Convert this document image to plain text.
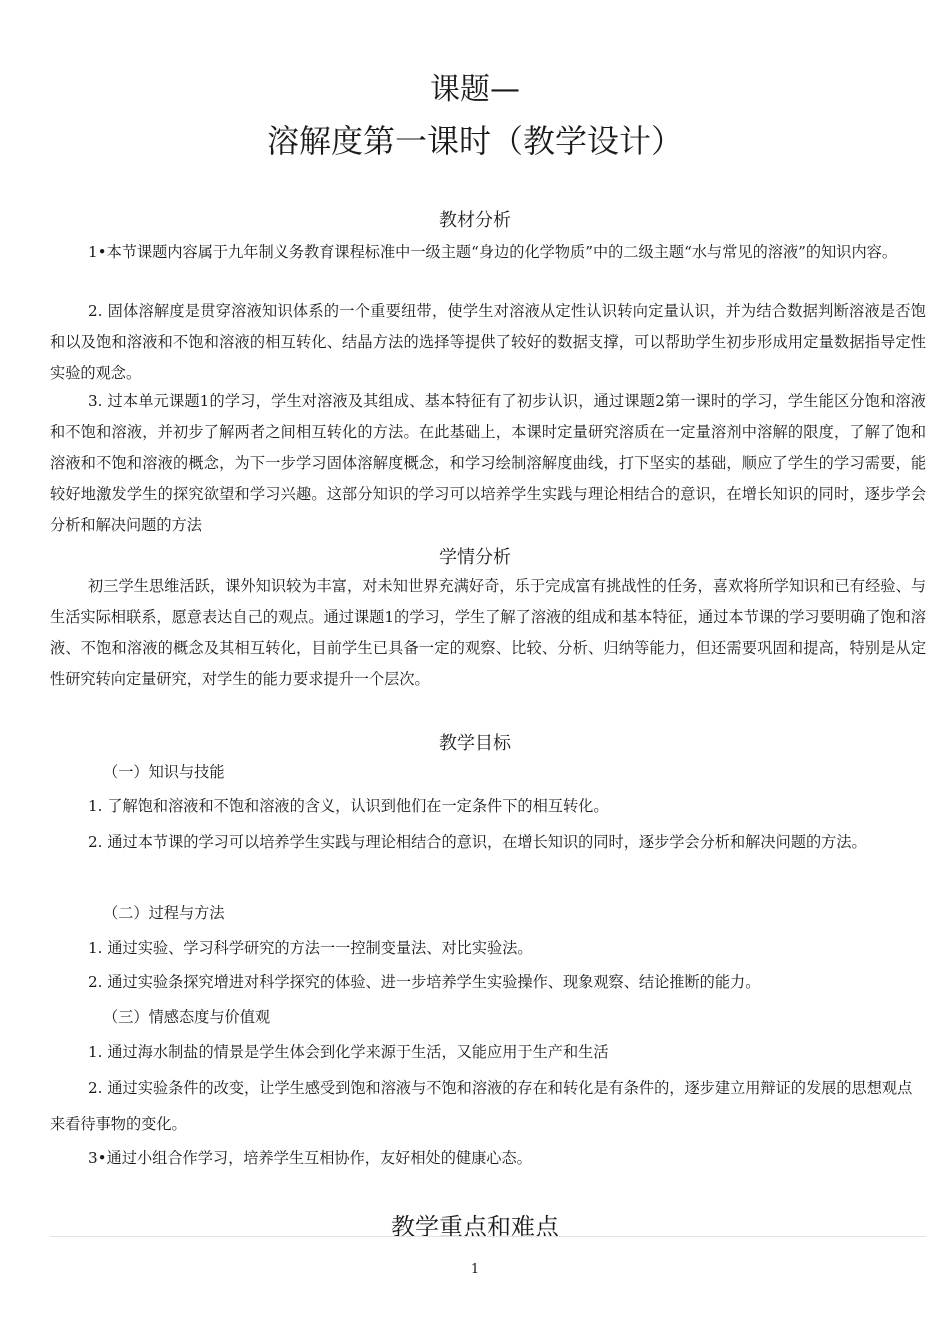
课题—
溶解度第一课时（教学设计）
教材分析
1•本节课题内容属于九年制义务教育课程标准中一级主题“身边的化学物质”中的二级主题“水与常见的溶液”的知识内容。
2. 固体溶解度是贯穿溶液知识体系的一个重要纽带，使学生对溶液从定性认识转向定量认识，并为结合数据判断溶液是否饱和以及饱和溶液和不饱和溶液的相互转化、结晶方法的选择等提供了较好的数据支撑，可以帮助学生初步形成用定量数据指导定性实验的观念。
3. 过本单元课题1的学习，学生对溶液及其组成、基本特征有了初步认识，通过课题2第一课时的学习，学生能区分饱和溶液和不饱和溶液，并初步了解两者之间相互转化的方法。在此基础上，本课时定量研究溶质在一定量溶剂中溶解的限度，了解了饱和溶液和不饱和溶液的概念，为下一步学习固体溶解度概念，和学习绘制溶解度曲线，打下坚实的基础，顺应了学生的学习需要，能较好地激发学生的探究欲望和学习兴趣。这部分知识的学习可以培养学生实践与理论相结合的意识，在增长知识的同时，逐步学会分析和解决问题的方法
学情分析
初三学生思维活跃，课外知识较为丰富，对未知世界充满好奇，乐于完成富有挑战性的任务，喜欢将所学知识和已有经验、与生活实际相联系，愿意表达自己的观点。通过课题1的学习，学生了解了溶液的组成和基本特征，通过本节课的学习要明确了饱和溶液、不饱和溶液的概念及其相互转化，目前学生已具备一定的观察、比较、分析、归纳等能力，但还需要巩固和提高，特别是从定性研究转向定量研究，对学生的能力要求提升一个层次。
教学目标
（一）知识与技能
1. 了解饱和溶液和不饱和溶液的含义，认识到他们在一定条件下的相互转化。
2. 通过本节课的学习可以培养学生实践与理论相结合的意识，在增长知识的同时，逐步学会分析和解决问题的方法。
（二）过程与方法
1. 通过实验、学习科学研究的方法一一控制变量法、对比实验法。
2. 通过实验条探究增进对科学探究的体验、进一步培养学生实验操作、现象观察、结论推断的能力。
（三）情感态度与价值观
1. 通过海水制盐的情景是学生体会到化学来源于生活，又能应用于生产和生活
2. 通过实验条件的改变，让学生感受到饱和溶液与不饱和溶液的存在和转化是有条件的，逐步建立用辩证的发展的思想观点来看待事物的变化。
3•通过小组合作学习，培养学生互相协作，友好相处的健康心态。
教学重点和难点
1
